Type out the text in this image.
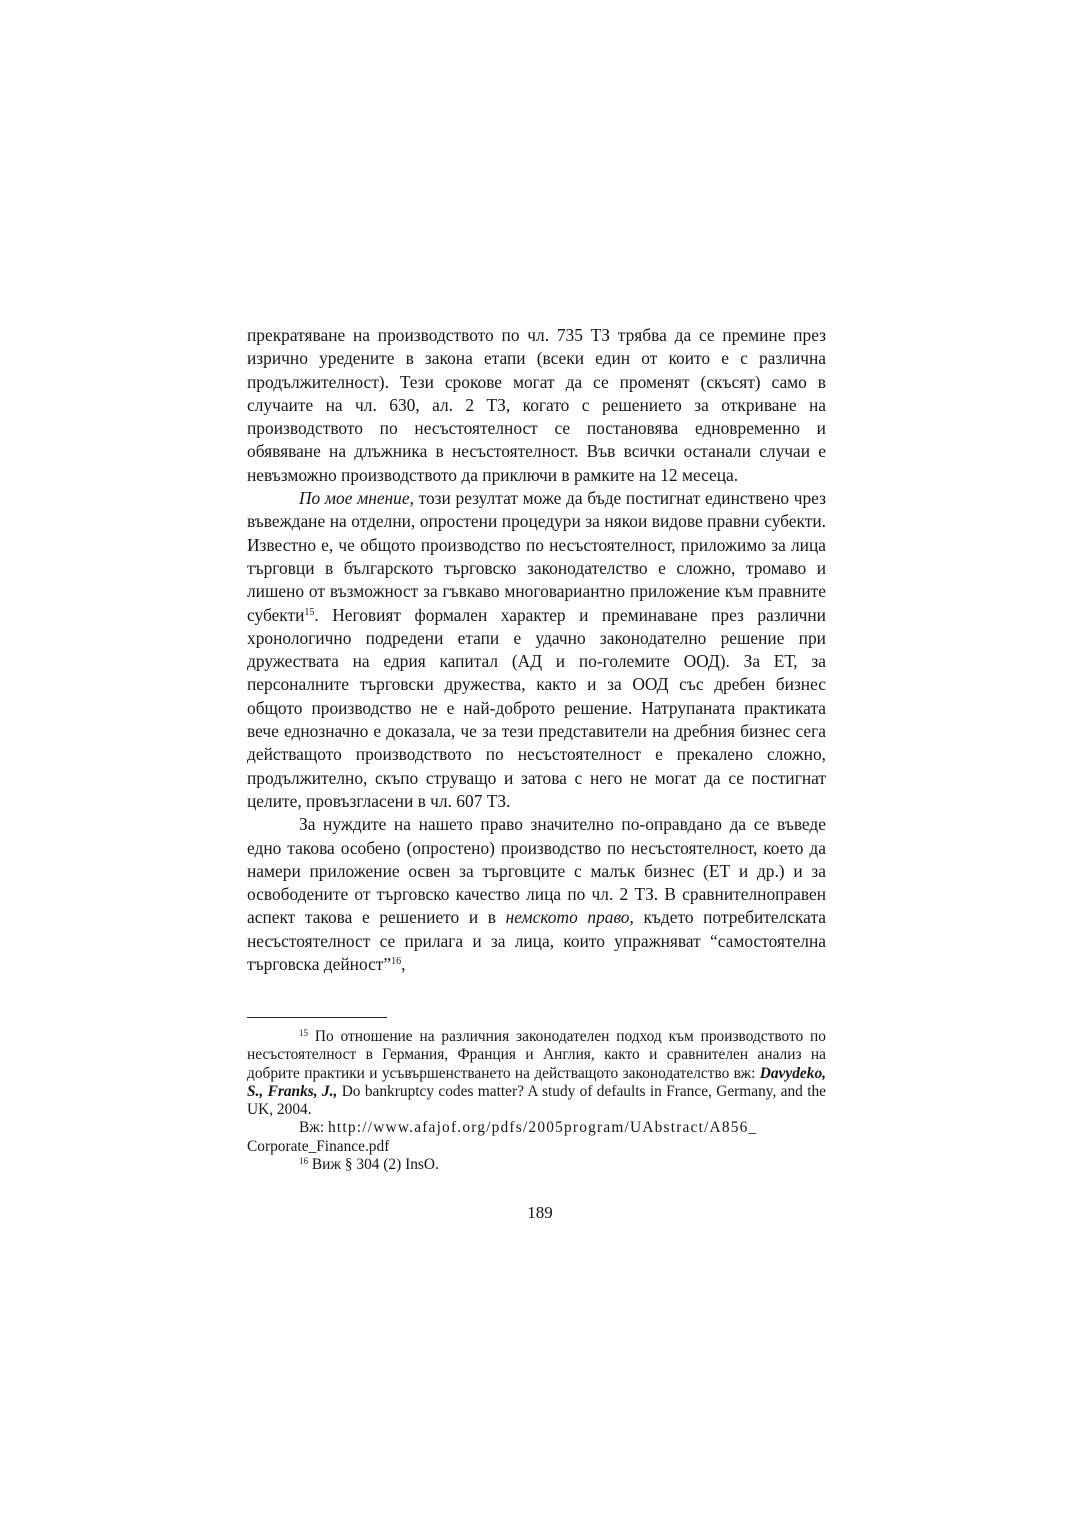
прекратяване на производството по чл. 735 ТЗ трябва да се премине през изрично уредените в закона етапи (всеки един от които е с различна продължителност). Тези срокове могат да се променят (скъсят) само в случаите на чл. 630, ал. 2 ТЗ, когато с решението за откриване на производството по несъстоятелност се постановява едновременно и обявяване на длъжника в несъстоятелност. Във всички останали случаи е невъзможно производството да приключи в рамките на 12 месеца.

По мое мнение, този резултат може да бъде постигнат единствено чрез въвеждане на отделни, опростени процедури за някои видове правни субекти. Известно е, че общото производство по несъстоятелност, приложимо за лица търговци в българското търговско законодателство е сложно, тромаво и лишено от възможност за гъвкаво многовариантно приложение към правните субекти$^{15}$. Неговият формален характер и преминаване през различни хронологично подредени етапи е удачно законодателно решение при дружествата на едрия капитал (АД и по-големите ООД). За ЕТ, за персоналните търговски дружества, както и за ООД със дребен бизнес общото производство не е най-доброто решение. Натрупаната практиката вече еднозначно е доказала, че за тези представители на дребния бизнес сега действащото производството по несъстоятелност е прекалено сложно, продължително, скъпо струващо и затова с него не могат да се постигнат целите, провъзгласени в чл. 607 ТЗ.

За нуждите на нашето право значително по-оправдано да се въведе едно такова особено (опростено) производство по несъстоятелност, което да намери приложение освен за търговците с малък бизнес (ЕТ и др.) и за освободените от търговско качество лица по чл. 2 ТЗ. В сравнителноправен аспект такова е решението и в немското право, където потребителската несъстоятелност се прилага и за лица, които упражняват “самостоятелна търговска дейност”$^{16}$,

$^{15}$ По отношение на различния законодателен подход към производството по несъстоятелност в Германия, Франция и Англия, както и сравнителен анализ на добрите практики и усъвършенстването на действащото законодателство вж: Davydeko, S., Franks, J., Do bankruptcy codes matter? A study of defaults in France, Germany, and the UK, 2004.

Вж: http://www.afajof.org/pdfs/2005program/UAbstract/A856_

Corporate_Finance.pdf

$^{16}$ Виж § 304 (2) InsO.

189
